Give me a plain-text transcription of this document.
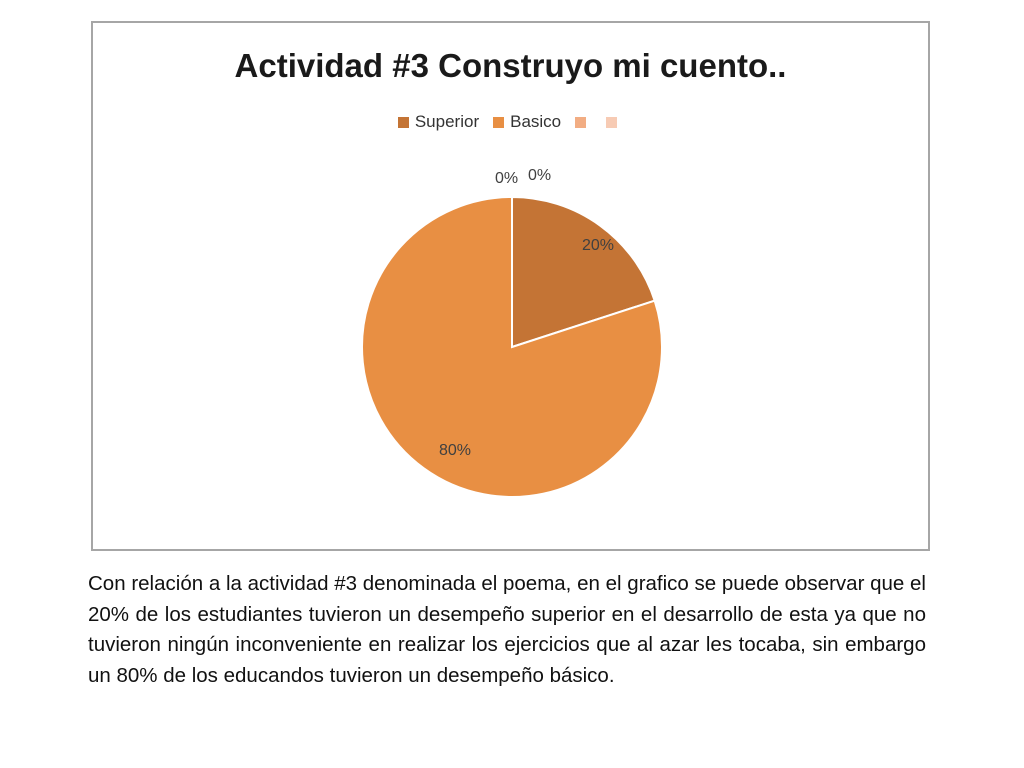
Actividad #3 Construyo mi cuento..
Superior Basico
20%
80%
0% 0%

Con relación a la actividad #3 denominada el poema, en el grafico se puede observar que el 20% de los estudiantes tuvieron un desempeño superior en el desarrollo de esta ya que no tuvieron ningún inconveniente en realizar los ejercicios que al azar les tocaba, sin embargo un 80% de los educandos tuvieron un desempeño básico.
